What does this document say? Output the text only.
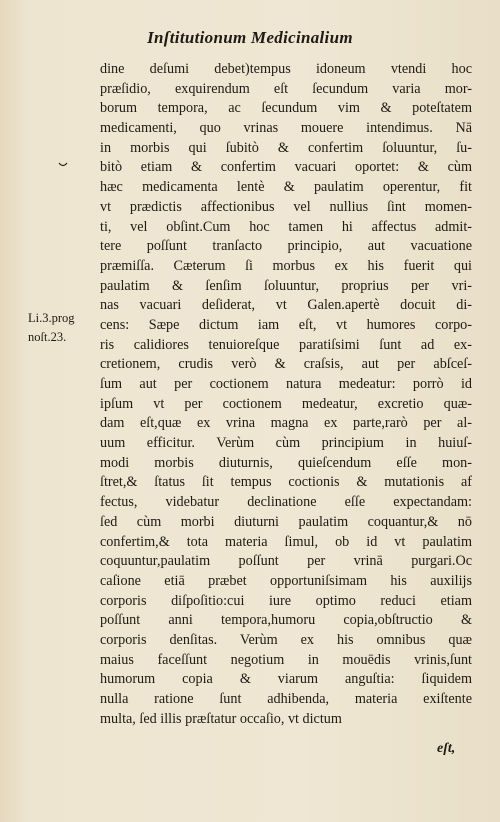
Inſtitutionum Medicinalium
Li.3.prog
noſt.23.
dine deſumi debet)tempus idoneum vtendi hoc
præſidio, exquirendum eſt ſecundum varia mor-
borum tempora, ac ſecundum vim & poteſtatem
medicamenti, quo vrinas mouere intendimus. Nā
in morbis qui ſubitò & confertim ſoluuntur, ſu-
bitò etiam & confertim vacuari oportet: & cùm
hæc medicamenta lentè & paulatim operentur, fit
vt prædictis affectionibus vel nullius ſint momen-
ti, vel obſint.Cum hoc tamen hi affectus admit-
tere poſſunt tranſacto principio, aut vacuatione
præmiſſa. Cæterum ſi morbus ex his fuerit qui
paulatim & ſenſim ſoluuntur, proprius per vri-
nas vacuari deſiderat, vt Galen.apertè docuit di-
cens: Sæpe dictum iam eſt, vt humores corpo-
ris calidiores tenuioreſque paratiſsimi ſunt ad ex-
cretionem, crudis verò & craſsis, aut per abſceſ-
ſum aut per coctionem natura medeatur: porrò id
ipſum vt per coctionem medeatur, excretio quæ-
dam eſt,quæ ex vrina magna ex parte,rarò per al-
uum efficitur. Verùm cùm principium in huiuſ-
modi morbis diuturnis, quieſcendum eſſe mon-
ſtret,& ſtatus ſit tempus coctionis & mutationis af
fectus, videbatur declinatione eſſe expectandam:
ſed cùm morbi diuturni paulatim coquantur,& nō
confertim,& tota materia ſimul, ob id vt paulatim
coquuntur,paulatim poſſunt per vrinā purgari.Oc
caſione etiā præbet opportuniſsimam his auxilijs
corporis diſpoſitio:cui iure optimo reduci etiam
poſſunt anni tempora,humoru copia,obſtructio &
corporis denſitas. Verùm ex his omnibus quæ
maius faceſſunt negotium in mouēdis vrinis,ſunt
humorum copia & viarum anguſtia: ſiquidem
nulla ratione ſunt adhibenda, materia exiſtente
multa, ſed illis præſtatur occaſio, vt dictum
eſt,
